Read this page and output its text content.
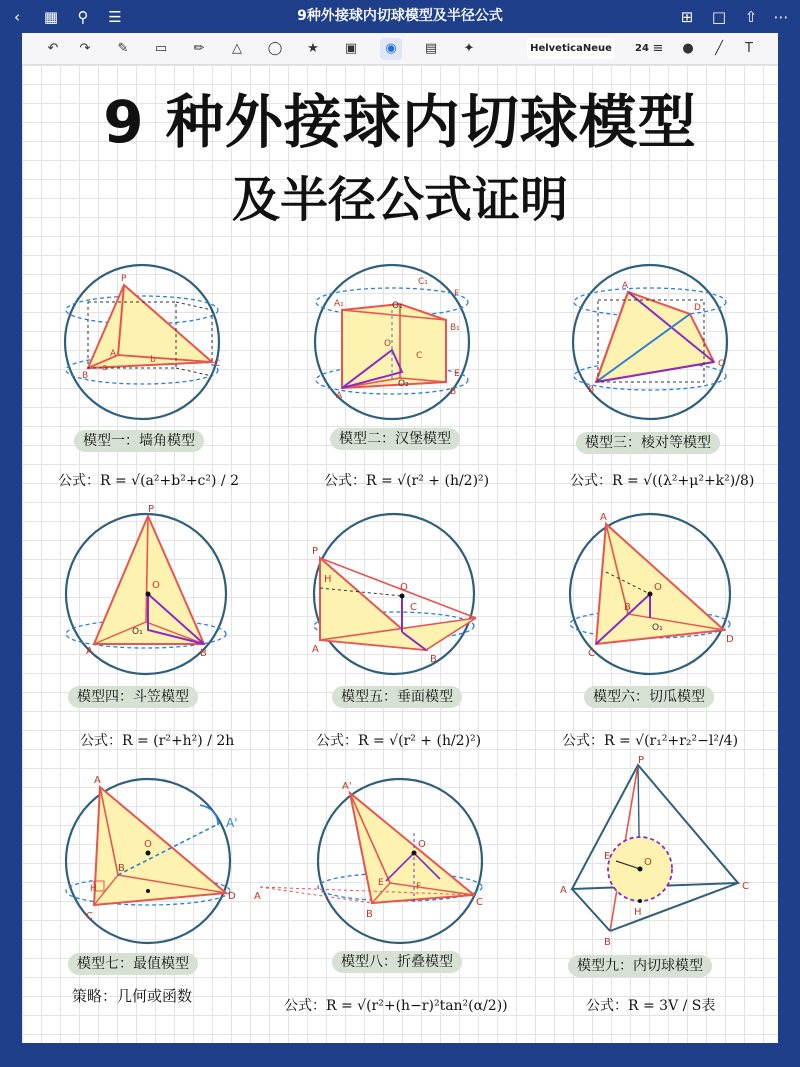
‹	▦	⚲	☰	9种外接球内切球模型及半径公式	⊞	□	⇧	⋯
↶	↷	✎	▭	✏	△	◯	★	▣	◉	▤	✦	HelveticaNeue	24 ≡	●	╱	T
9 种外接球内切球模型
及半径公式证明
P
A
B
C
b
a
模型一：墙角模型
公式：R = √(a²+b²+c²) / 2
C₁
F
A₁
B₁
O₁
O
C
A	B
E
O₂
模型二：汉堡模型
公式：R = √(r² + (h/2)²)
A
D
C
B
模型三：棱对等模型
公式：R = √((λ²+μ²+k²)/8)
P
O
O₁
A	B
模型四：斗笠模型
公式：R = (r²+h²) / 2h
P
H
O
C
A
B
模型五：垂面模型
公式：R = √(r² + (h/2)²)
A
B
O
O₁
C
D
模型六：切瓜模型
公式：R = √(r₁²+r₂²−l²/4)
A
A'
O
B
H
C
D
模型七：最值模型
策略：几何或函数
A'
O
E	F
B
C
A
模型八：折叠模型
公式：R = √(r²+(h−r)²tan²(α/2))
P
E
O
A
H
C
B
模型九：内切球模型
公式：R = 3V / S表
